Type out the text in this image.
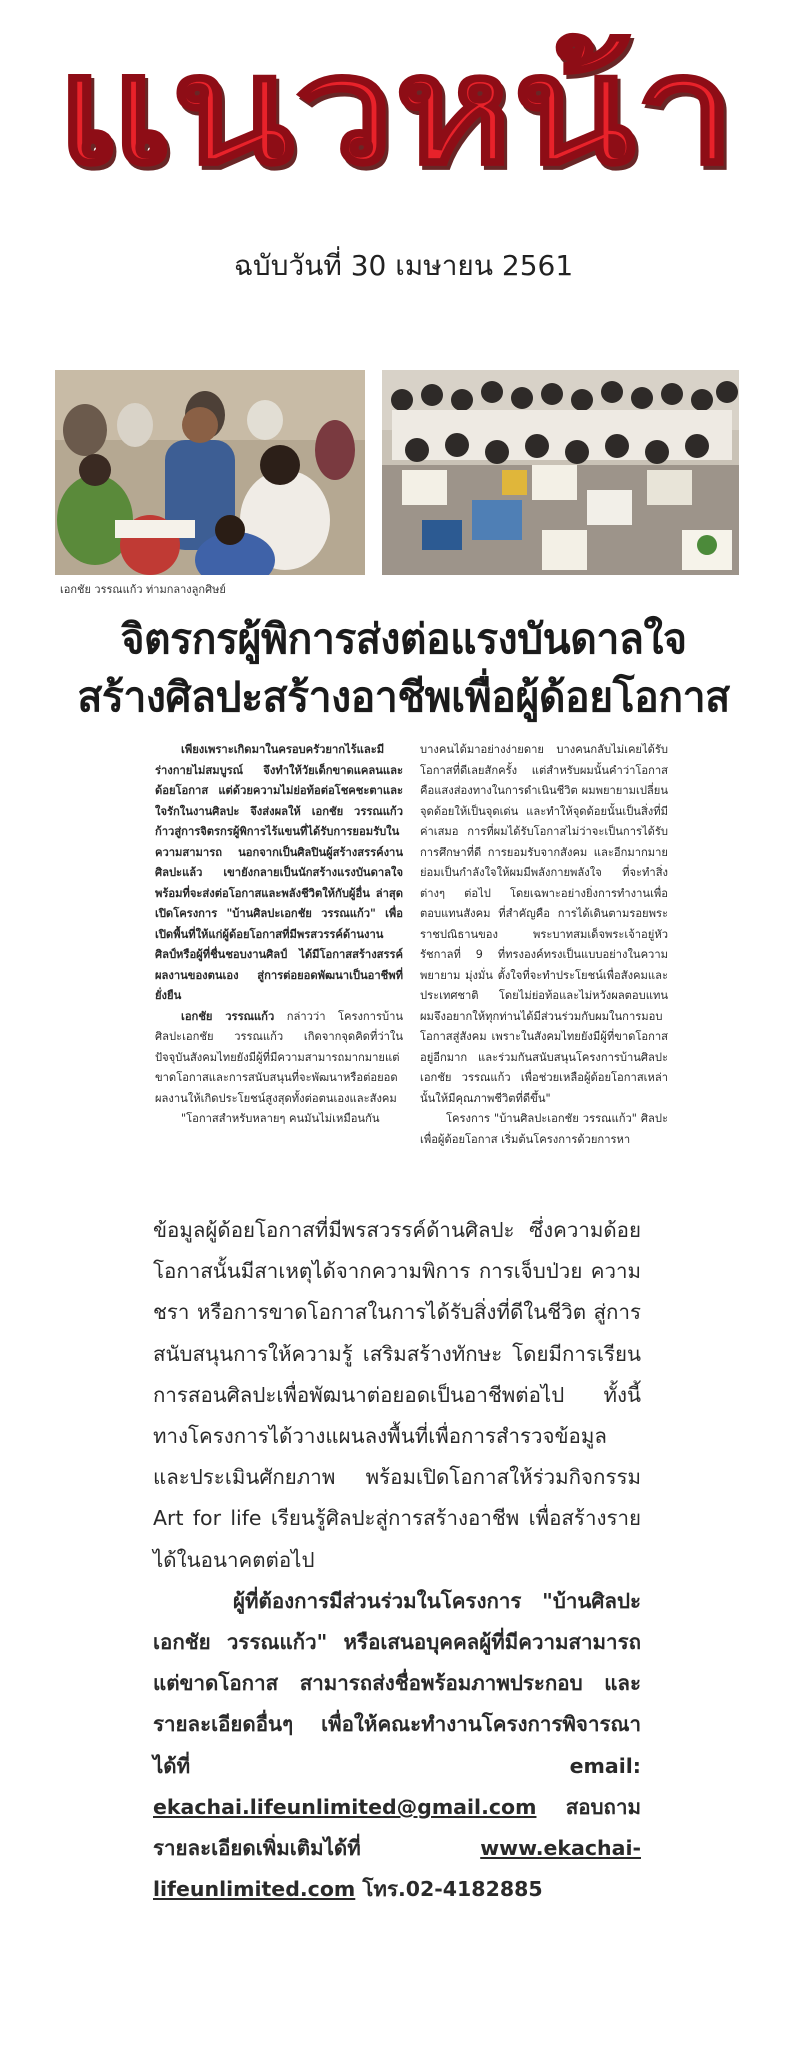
แนวหน้า
ฉบับวันที่ 30 เมษายน 2561
เอกชัย วรรณแก้ว ท่ามกลางลูกศิษย์
จิตรกรผู้พิการส่งต่อแรงบันดาลใจ
สร้างศิลปะสร้างอาชีพเพื่อผู้ด้อยโอกาส

เพียงเพราะเกิดมาในครอบครัวยากไร้และมีร่างกายไม่สมบูรณ์ จึงทำให้วัยเด็กขาดแคลนและด้อยโอกาส แต่ด้วยความไม่ย่อท้อต่อโชคชะตาและใจรักในงานศิลปะ จึงส่งผลให้ เอกชัย วรรณแก้ว ก้าวสู่การจิตรกรผู้พิการไร้แขนที่ได้รับการยอมรับในความสามารถ นอกจากเป็นศิลปินผู้สร้างสรรค์งานศิลปะแล้ว เขายังกลายเป็นนักสร้างแรงบันดาลใจ พร้อมที่จะส่งต่อโอกาสและพลังชีวิตให้กับผู้อื่น ล่าสุดเปิดโครงการ "บ้านศิลปะเอกชัย วรรณแก้ว" เพื่อเปิดพื้นที่ให้แก่ผู้ด้อยโอกาสที่มีพรสวรรค์ด้านงานศิลป์หรือผู้ที่ชื่นชอบงานศิลป์ ได้มีโอกาสสร้างสรรค์ผลงานของตนเอง สู่การต่อยอดพัฒนาเป็นอาชีพที่ยั่งยืน

เอกชัย วรรณแก้ว กล่าวว่า โครงการบ้านศิลปะเอกชัย วรรณแก้ว เกิดจากจุดคิดที่ว่าในปัจจุบันสังคมไทยยังมีผู้ที่มีความสามารถมากมายแต่ขาดโอกาสและการสนับสนุนที่จะพัฒนาหรือต่อยอดผลงานให้เกิดประโยชน์สูงสุดทั้งต่อตนเองและสังคม

"โอกาสสำหรับหลายๆ คนมันไม่เหมือนกัน

บางคนได้มาอย่างง่ายดาย บางคนกลับไม่เคยได้รับโอกาสที่ดีเลยสักครั้ง แต่สำหรับผมนั้นคำว่าโอกาสคือแสงส่องทางในการดำเนินชีวิต ผมพยายามเปลี่ยนจุดด้อยให้เป็นจุดเด่น และทำให้จุดด้อยนั้นเป็นสิ่งที่มีค่าเสมอ การที่ผมได้รับโอกาสไม่ว่าจะเป็นการได้รับการศึกษาที่ดี การยอมรับจากสังคม และอีกมากมาย ย่อมเป็นกำลังใจให้ผมมีพลังกายพลังใจ ที่จะทำสิ่งต่างๆ ต่อไป โดยเฉพาะอย่างยิ่งการทำงานเพื่อตอบแทนสังคม ที่สำคัญคือ การได้เดินตามรอยพระราชปณิธานของ พระบาทสมเด็จพระเจ้าอยู่หัว รัชกาลที่ 9 ที่ทรงองค์ทรงเป็นแบบอย่างในความพยายาม มุ่งมั่น ตั้งใจที่จะทำประโยชน์เพื่อสังคมและประเทศชาติ โดยไม่ย่อท้อและไม่หวังผลตอบแทน ผมจึงอยากให้ทุกท่านได้มีส่วนร่วมกับผมในการมอบโอกาสสู่สังคม เพราะในสังคมไทยยังมีผู้ที่ขาดโอกาสอยู่อีกมาก และร่วมกันสนับสนุนโครงการบ้านศิลปะเอกชัย วรรณแก้ว เพื่อช่วยเหลือผู้ด้อยโอกาสเหล่านั้นให้มีคุณภาพชีวิตที่ดีขึ้น"

โครงการ "บ้านศิลปะเอกชัย วรรณแก้ว" ศิลปะเพื่อผู้ด้อยโอกาส เริ่มต้นโครงการด้วยการหา

ข้อมูลผู้ด้อยโอกาสที่มีพรสวรรค์ด้านศิลปะ ซึ่งความด้อยโอกาสนั้นมีสาเหตุได้จากความพิการ การเจ็บป่วย ความชรา หรือการขาดโอกาสในการได้รับสิ่งที่ดีในชีวิต สู่การสนับสนุนการให้ความรู้ เสริมสร้างทักษะ โดยมีการเรียนการสอนศิลปะเพื่อพัฒนาต่อยอดเป็นอาชีพต่อไป ทั้งนี้ ทางโครงการได้วางแผนลงพื้นที่เพื่อการสำรวจข้อมูลและประเมินศักยภาพ พร้อมเปิดโอกาสให้ร่วมกิจกรรม Art for life เรียนรู้ศิลปะสู่การสร้างอาชีพ เพื่อสร้างรายได้ในอนาคตต่อไป

ผู้ที่ต้องการมีส่วนร่วมในโครงการ "บ้านศิลปะเอกชัย วรรณแก้ว" หรือเสนอบุคคลผู้ที่มีความสามารถแต่ขาดโอกาส สามารถส่งชื่อพร้อมภาพประกอบ และรายละเอียดอื่นๆ เพื่อให้คณะทำงานโครงการพิจารณาได้ที่ email: ekachai.lifeunlimited@gmail.com สอบถามรายละเอียดเพิ่มเติมได้ที่	www.ekachai-lifeunlimited.com โทร.02-4182885
